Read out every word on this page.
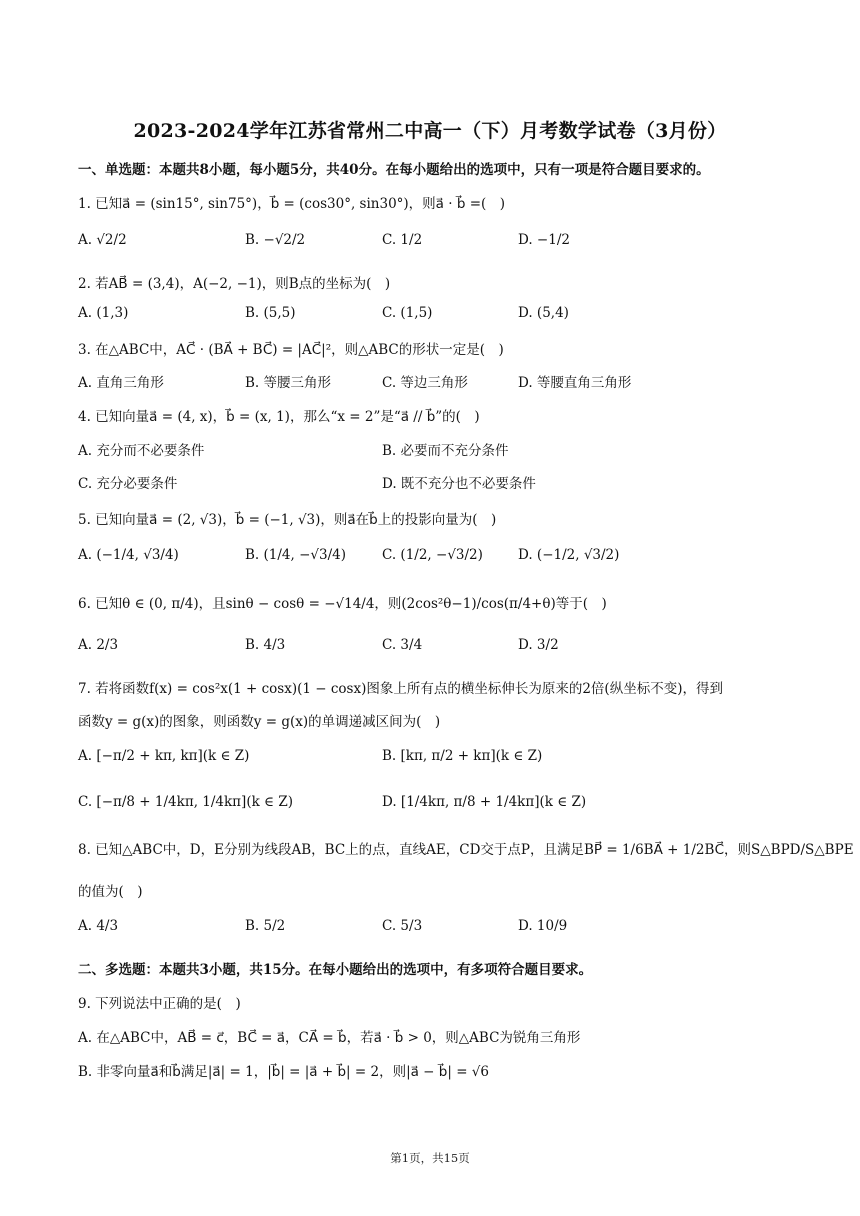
2023-2024学年江苏省常州二中高一（下）月考数学试卷（3月份）
一、单选题：本题共8小题，每小题5分，共40分。在每小题给出的选项中，只有一项是符合题目要求的。
1. 已知a⃗ = (sin15°, sin75°)，b⃗ = (cos30°, sin30°)，则a⃗ · b⃗ =(　)
A. √2/2	B. −√2/2	C. 1/2	D. −1/2
2. 若AB⃗ = (3,4)，A(−2, −1)，则B点的坐标为(　)
A. (1,3)	B. (5,5)	C. (1,5)	D. (5,4)
3. 在△ABC中，AC⃗ · (BA⃗ + BC⃗) = |AC⃗|²，则△ABC的形状一定是(　)
A. 直角三角形	B. 等腰三角形	C. 等边三角形	D. 等腰直角三角形
4. 已知向量a⃗ = (4, x)，b⃗ = (x, 1)，那么“x = 2”是“a⃗ // b⃗”的(　)
A. 充分而不必要条件	B. 必要而不充分条件
C. 充分必要条件	D. 既不充分也不必要条件
5. 已知向量a⃗ = (2, √3)，b⃗ = (−1, √3)，则a⃗在b⃗上的投影向量为(　)
A. (−1/4, √3/4)	B. (1/4, −√3/4)	C. (1/2, −√3/2)	D. (−1/2, √3/2)
6. 已知θ ∈ (0, π/4)，且sinθ − cosθ = −√14/4，则(2cos²θ−1)/cos(π/4+θ)等于(　)
A. 2/3	B. 4/3	C. 3/4	D. 3/2
7. 若将函数f(x) = cos²x(1 + cosx)(1 − cosx)图象上所有点的横坐标伸长为原来的2倍(纵坐标不变)，得到
函数y = g(x)的图象，则函数y = g(x)的单调递减区间为(　)
A. [−π/2 + kπ, kπ](k ∈ Z)	B. [kπ, π/2 + kπ](k ∈ Z)
C. [−π/8 + 1/4kπ, 1/4kπ](k ∈ Z)	D. [1/4kπ, π/8 + 1/4kπ](k ∈ Z)
8. 已知△ABC中，D，E分别为线段AB，BC上的点，直线AE，CD交于点P，且满足BP⃗ = 1/6BA⃗ + 1/2BC⃗，则S△BPD/S△BPE
的值为(　)
A. 4/3	B. 5/2	C. 5/3	D. 10/9
二、多选题：本题共3小题，共15分。在每小题给出的选项中，有多项符合题目要求。
9. 下列说法中正确的是(　)
A. 在△ABC中，AB⃗ = c⃗，BC⃗ = a⃗，CA⃗ = b⃗，若a⃗ · b⃗ > 0，则△ABC为锐角三角形
B. 非零向量a⃗和b⃗满足|a⃗| = 1，|b⃗| = |a⃗ + b⃗| = 2，则|a⃗ − b⃗| = √6
第1页，共15页
